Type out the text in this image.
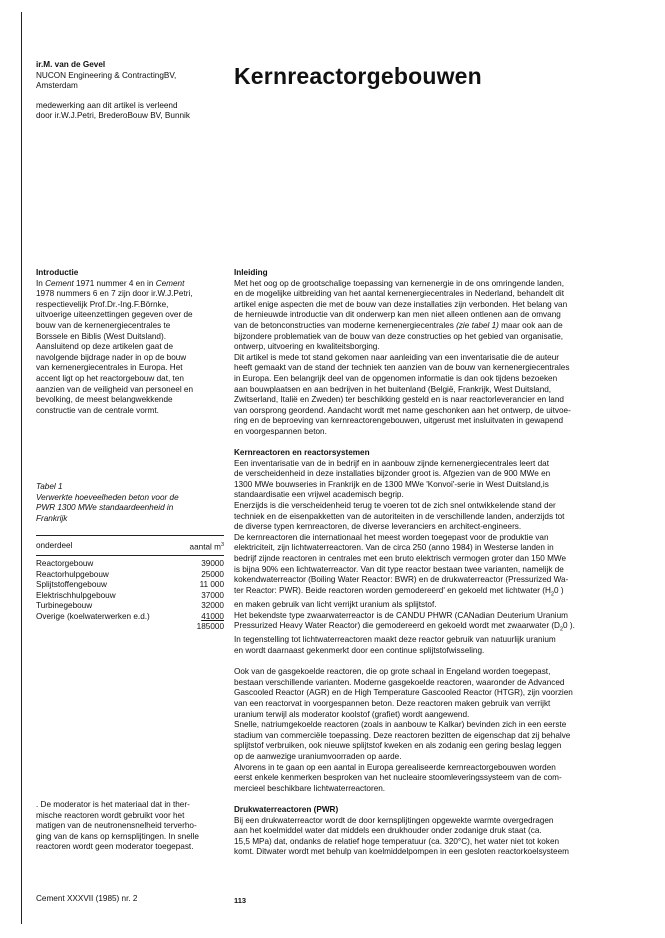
ir.M. van de Gevel

NUCON Engineering & ContractingBV,

Amsterdam

medewerking aan dit artikel is verleend

door ir.W.J.Petri, BrederoBouw BV, Bunnik

Kernreactorgebouwen

Introductie

In Cement 1971 nummer 4 en in Cement

1978 nummers 6 en 7 zijn door ir.W.J.Petri,

respectievelijk Prof.Dr.-Ing.F.Börnke,

uitvoerige uiteenzettingen gegeven over de

bouw van de kernenergiecentrales te

Borssele en Biblis (West Duitsland).

Aansluitend op deze artikelen gaat de

navolgende bijdrage nader in op de bouw

van kernenergiecentrales in Europa. Het

accent ligt op het reactorgebouw dat, ten

aanzien van de veiligheid van personeel en

bevolking, de meest belangwekkende

constructie van de centrale vormt.

Tabel 1

Verwerkte hoeveelheden beton voor de

PWR 1300 MWe standaardeenheid in

Frankrijk

onderdeel	aantal $m^3$

Reactorgebouw	39000
Reactorhulpgebouw	25000
Splijtstoffengebouw	11 000
Elektrischhulpgebouw	37000
Turbinegebouw	32000
Overige (koelwaterwerken e.d.)	41000
	185000

. De moderator is het materiaal dat in ther-

mische reactoren wordt gebruikt voor het

matigen van de neutronensnelheid terverho-

ging van de kans op kernsplijtingen. In snelle

reactoren wordt geen moderator toegepast.

Cement XXXVII (1985) nr. 2	113

Inleiding

Met het oog op de grootschalige toepassing van kernenergie in de ons omringende landen,

en de mogelijke uitbreiding van het aantal kernenergiecentrales in Nederland, behandelt dit

artikel enige aspecten die met de bouw van deze installaties zijn verbonden. Het belang van

de hernieuwde introductie van dit onderwerp kan men niet alleen ontlenen aan de omvang

van de betonconstructies van moderne kernenergiecentrales (zie tabel 1) maar ook aan de

bijzondere problematiek van de bouw van deze constructies op het gebied van organisatie,

ontwerp, uitvoering en kwaliteitsborging.

Dit artikel is mede tot stand gekomen naar aanleiding van een inventarisatie die de auteur

heeft gemaakt van de stand der techniek ten aanzien van de bouw van kernenergiecentrales

in Europa. Een belangrijk deel van de opgenomen informatie is dan ook tijdens bezoeken

aan bouwplaatsen en aan bedrijven in het buitenland (België, Frankrijk, West Duitsland,

Zwitserland, Italië en Zweden) ter beschikking gesteld en is naar reactorleverancier en land

van oorsprong geordend. Aandacht wordt met name geschonken aan het ontwerp, de uitvoe-

ring en de beproeving van kernreactorengebouwen, uitgerust met insluitvaten in gewapend

en voorgespannen beton.

Kernreactoren en reactorsystemen

Een inventarisatie van de in bedrijf en in aanbouw zijnde kernenergiecentrales leert dat

de verscheidenheid in deze installaties bijzonder groot is. Afgezien van de 900 MWe en

1300 MWe bouwseries in Frankrijk en de 1300 MWe 'Konvoi'-serie in West Duitsland,is

standaardisatie een vrijwel academisch begrip.

Enerzijds is die verscheidenheid terug te voeren tot de zich snel ontwikkelende stand der

techniek en de eisenpakketten van de autoriteiten in de verschillende landen, anderzijds tot

de diverse typen kernreactoren, de diverse leveranciers en architect-engineers.

De kernreactoren die internationaal het meest worden toegepast voor de produktie van

elektriciteit, zijn lichtwaterreactoren. Van de circa 250 (anno 1984) in Westerse landen in

bedrijf zijnde reactoren in centrales met een bruto elektrisch vermogen groter dan 150 MWe

is bijna 90% een lichtwaterreactor. Van dit type reactor bestaan twee varianten, namelijk de

kokendwaterreactor (Boiling Water Reactor: BWR) en de drukwaterreactor (Pressurized Wa-

ter Reactor: PWR). Beide reactoren worden gemodereerd' en gekoeld met lichtwater ($H_20$ )

en maken gebruik van licht verrijkt uranium als splijtstof.

Het bekendste type zwaarwaterreactor is de CANDU PHWR (CANadian Deuterium Uranium

Pressurized Heavy Water Reactor) die gemodereerd en gekoeld wordt met zwaarwater ($D_20$ ).

In tegenstelling tot lichtwaterreactoren maakt deze reactor gebruik van natuurlijk uranium

en wordt daarnaast gekenmerkt door een continue splijtstofwisseling.

Ook van de gasgekoelde reactoren, die op grote schaal in Engeland worden toegepast,

bestaan verschillende varianten. Moderne gasgekoelde reactoren, waaronder de Advanced

Gascooled Reactor (AGR) en de High Temperature Gascooled Reactor (HTGR), zijn voorzien

van een reactorvat in voorgespannen beton. Deze reactoren maken gebruik van verrijkt

uranium terwijl als moderator koolstof (grafiet) wordt aangewend.

Snelle, natriumgekoelde reactoren (zoals in aanbouw te Kalkar) bevinden zich in een eerste

stadium van commerciële toepassing. Deze reactoren bezitten de eigenschap dat zij behalve

splijtstof verbruiken, ook nieuwe splijtstof kweken en als zodanig een gering beslag leggen

op de aanwezige uraniumvoorraden op aarde.

Alvorens in te gaan op een aantal in Europa gerealiseerde kernreactorgebouwen worden

eerst enkele kenmerken besproken van het nucleaire stoomleveringssysteem van de com-

mercieel beschikbare lichtwaterreactoren.

Drukwaterreactoren (PWR)

Bij een drukwaterreactor wordt de door kernsplijtingen opgewekte warmte overgedragen

aan het koelmiddel water dat middels een drukhouder onder zodanige druk staat (ca.

15,5 MPa) dat, ondanks de relatief hoge temperatuur (ca. 320°C), het water niet tot koken

komt. Ditwater wordt met behulp van koelmiddelpompen in een gesloten reactorkoelsysteem
